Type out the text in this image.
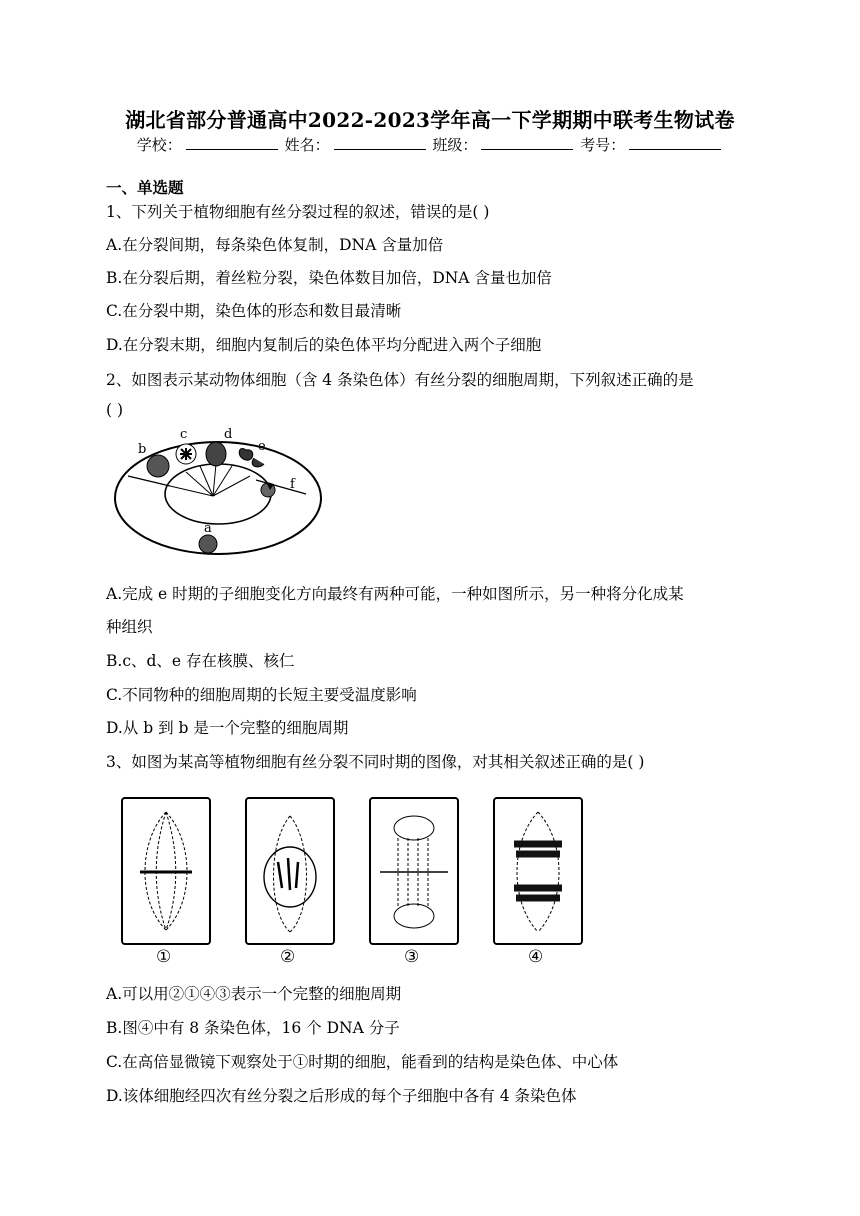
湖北省部分普通高中2022-2023学年高一下学期期中联考生物试卷
学校：	姓名：	班级：	考号：
一、单选题
1、下列关于植物细胞有丝分裂过程的叙述，错误的是( )
A.在分裂间期，每条染色体复制，DNA 含量加倍
B.在分裂后期，着丝粒分裂，染色体数目加倍，DNA 含量也加倍
C.在分裂中期，染色体的形态和数目最清晰
D.在分裂末期，细胞内复制后的染色体平均分配进入两个子细胞
2、如图表示某动物体细胞（含 4 条染色体）有丝分裂的细胞周期，下列叙述正确的是
( )
b
c	d
e
f
a
A.完成 e 时期的子细胞变化方向最终有两种可能，一种如图所示，另一种将分化成某
种组织
B.c、d、e 存在核膜、核仁
C.不同物种的细胞周期的长短主要受温度影响
D.从 b 到 b 是一个完整的细胞周期
3、如图为某高等植物细胞有丝分裂不同时期的图像，对其相关叙述正确的是( )
①	②	③	④
A.可以用②①④③表示一个完整的细胞周期
B.图④中有 8 条染色体，16 个 DNA 分子
C.在高倍显微镜下观察处于①时期的细胞，能看到的结构是染色体、中心体
D.该体细胞经四次有丝分裂之后形成的每个子细胞中各有 4 条染色体
